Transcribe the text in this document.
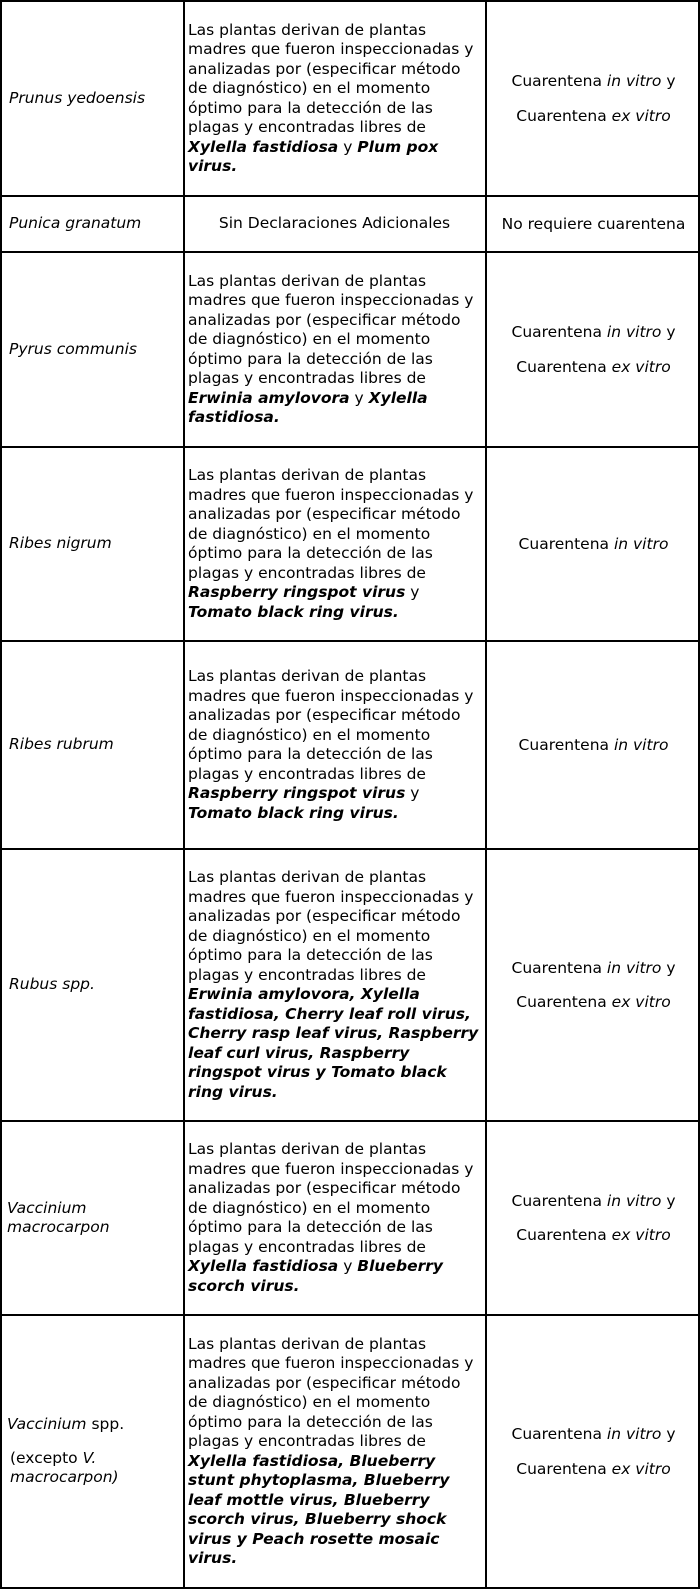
Prunus yedoensis
Las plantas derivan de plantas madres que fueron inspeccionadas y analizadas por (especificar método de diagnóstico) en el momento óptimo para la detección de las plagas y encontradas libres de Xylella fastidiosa y Plum pox virus.
Cuarentena in vitro y
Cuarentena ex vitro
Punica granatum	Sin Declaraciones Adicionales	No requiere cuarentena
Pyrus communis
Las plantas derivan de plantas madres que fueron inspeccionadas y analizadas por (especificar método de diagnóstico) en el momento óptimo para la detección de las plagas y encontradas libres de Erwinia amylovora y Xylella fastidiosa.
Cuarentena in vitro y
Cuarentena ex vitro
Ribes nigrum
Las plantas derivan de plantas madres que fueron inspeccionadas y analizadas por (especificar método de diagnóstico) en el momento óptimo para la detección de las plagas y encontradas libres de Raspberry ringspot virus y Tomato black ring virus.
Cuarentena in vitro
Ribes rubrum
Las plantas derivan de plantas madres que fueron inspeccionadas y analizadas por (especificar método de diagnóstico) en el momento óptimo para la detección de las plagas y encontradas libres de Raspberry ringspot virus y Tomato black ring virus.
Cuarentena in vitro
Rubus spp.
Las plantas derivan de plantas madres que fueron inspeccionadas y analizadas por (especificar método de diagnóstico) en el momento óptimo para la detección de las plagas y encontradas libres de Erwinia amylovora, Xylella fastidiosa, Cherry leaf roll virus, Cherry rasp leaf virus, Raspberry leaf curl virus, Raspberry ringspot virus y Tomato black ring virus.
Cuarentena in vitro y
Cuarentena ex vitro
Vaccinium macrocarpon
Las plantas derivan de plantas madres que fueron inspeccionadas y analizadas por (especificar método de diagnóstico) en el momento óptimo para la detección de las plagas y encontradas libres de Xylella fastidiosa y Blueberry scorch virus.
Cuarentena in vitro y
Cuarentena ex vitro
Vaccinium spp.
(excepto V. macrocarpon)
Las plantas derivan de plantas madres que fueron inspeccionadas y analizadas por (especificar método de diagnóstico) en el momento óptimo para la detección de las plagas y encontradas libres de Xylella fastidiosa, Blueberry stunt phytoplasma, Blueberry leaf mottle virus, Blueberry scorch virus, Blueberry shock virus y Peach rosette mosaic virus.
Cuarentena in vitro y
Cuarentena ex vitro
